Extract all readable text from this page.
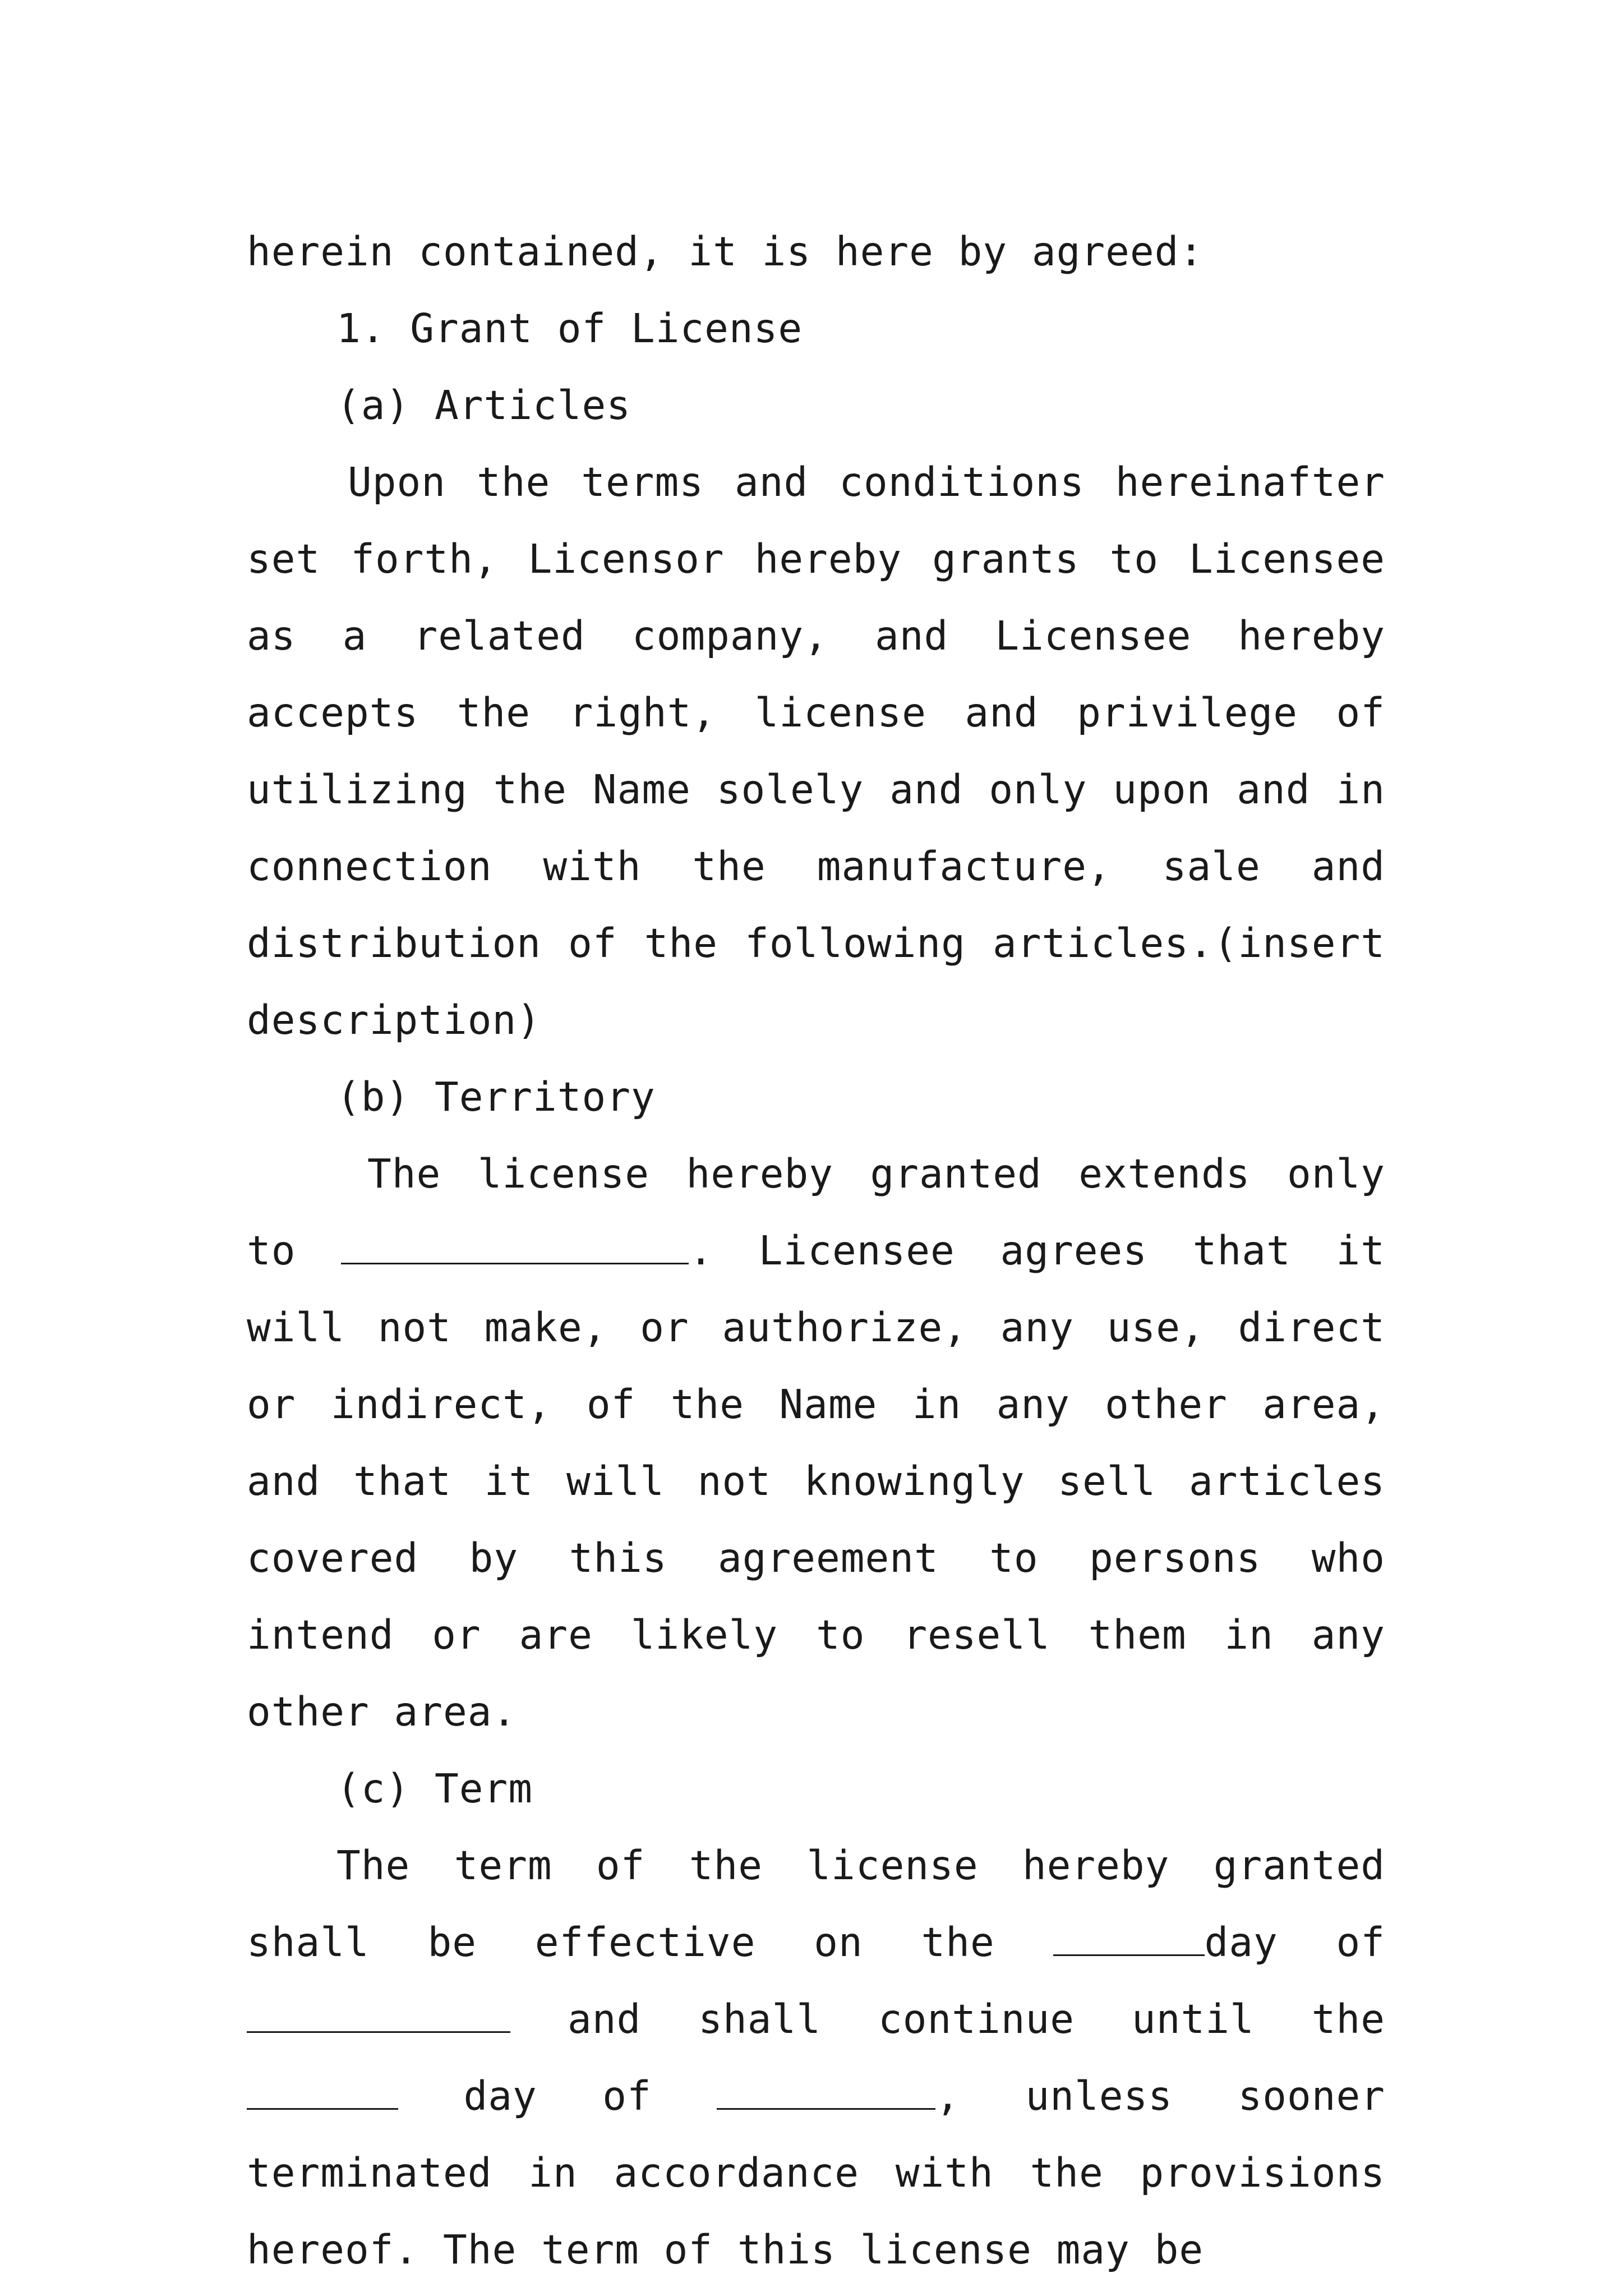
herein contained, it is here by agreed:

1. Grant of License

(a) Articles

Upon the terms and conditions hereinafter set forth, Licensor hereby grants to Licensee as a related company, and Licensee hereby accepts the right, license and privilege of utilizing the Name solely and only upon and in connection with the manufacture, sale and distribution of the following articles.(insert description)

(b) Territory

The license hereby granted extends only to	. Licensee agrees that it will not make, or authorize, any use, direct or indirect, of the Name in any other area, and that it will not knowingly sell articles covered by this agreement to persons who intend or are likely to resell them in any other area.

(c) Term

The term of the license hereby granted shall be effective on the	day of  and shall continue until the  day of	, unless sooner terminated in accordance with the provisions hereof. The term of this license may be
